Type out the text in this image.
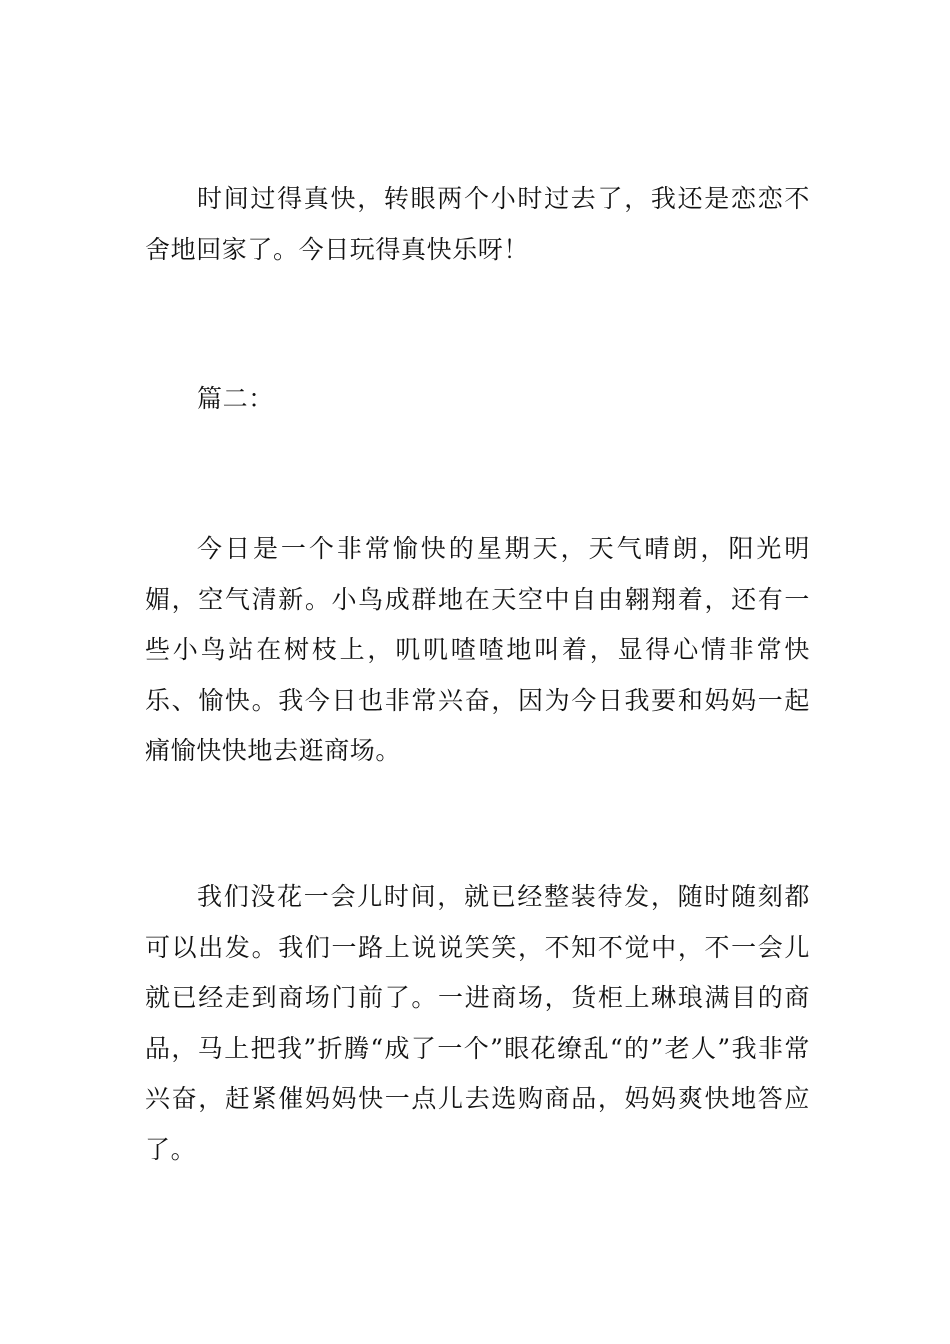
时间过得真快，转眼两个小时过去了，我还是恋恋不舍地回家了。今日玩得真快乐呀！

篇二：

今日是一个非常愉快的星期天，天气晴朗，阳光明媚，空气清新。小鸟成群地在天空中自由翱翔着，还有一些小鸟站在树枝上，叽叽喳喳地叫着，显得心情非常快乐、愉快。我今日也非常兴奋，因为今日我要和妈妈一起痛愉快快地去逛商场。

我们没花一会儿时间，就已经整装待发，随时随刻都可以出发。我们一路上说说笑笑，不知不觉中，不一会儿就已经走到商场门前了。一进商场，货柜上琳琅满目的商品，马上把我”折腾“成了一个”眼花缭乱“的”老人”我非常兴奋，赶紧催妈妈快一点儿去选购商品，妈妈爽快地答应了。
